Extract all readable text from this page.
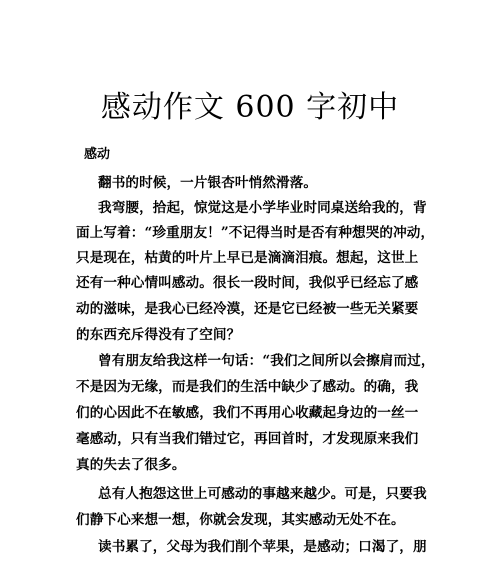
感动作文 600 字初中
感动
翻书的时候，一片银杏叶悄然滑落。
我弯腰，拾起，惊觉这是小学毕业时同桌送给我的，背
面上写着：“珍重朋友！”不记得当时是否有种想哭的冲动，
只是现在，枯黄的叶片上早已是滴滴泪痕。想起，这世上
还有一种心情叫感动。很长一段时间，我似乎已经忘了感
动的滋味，是我心已经冷漠，还是它已经被一些无关紧要
的东西充斥得没有了空间？
曾有朋友给我这样一句话：“我们之间所以会擦肩而过，
不是因为无缘，而是我们的生活中缺少了感动。的确，我
们的心因此不在敏感，我们不再用心收藏起身边的一丝一
毫感动，只有当我们错过它，再回首时，才发现原来我们
真的失去了很多。
总有人抱怨这世上可感动的事越来越少。可是，只要我
们静下心来想一想，你就会发现，其实感动无处不在。
读书累了，父母为我们削个苹果，是感动；口渴了，朋
